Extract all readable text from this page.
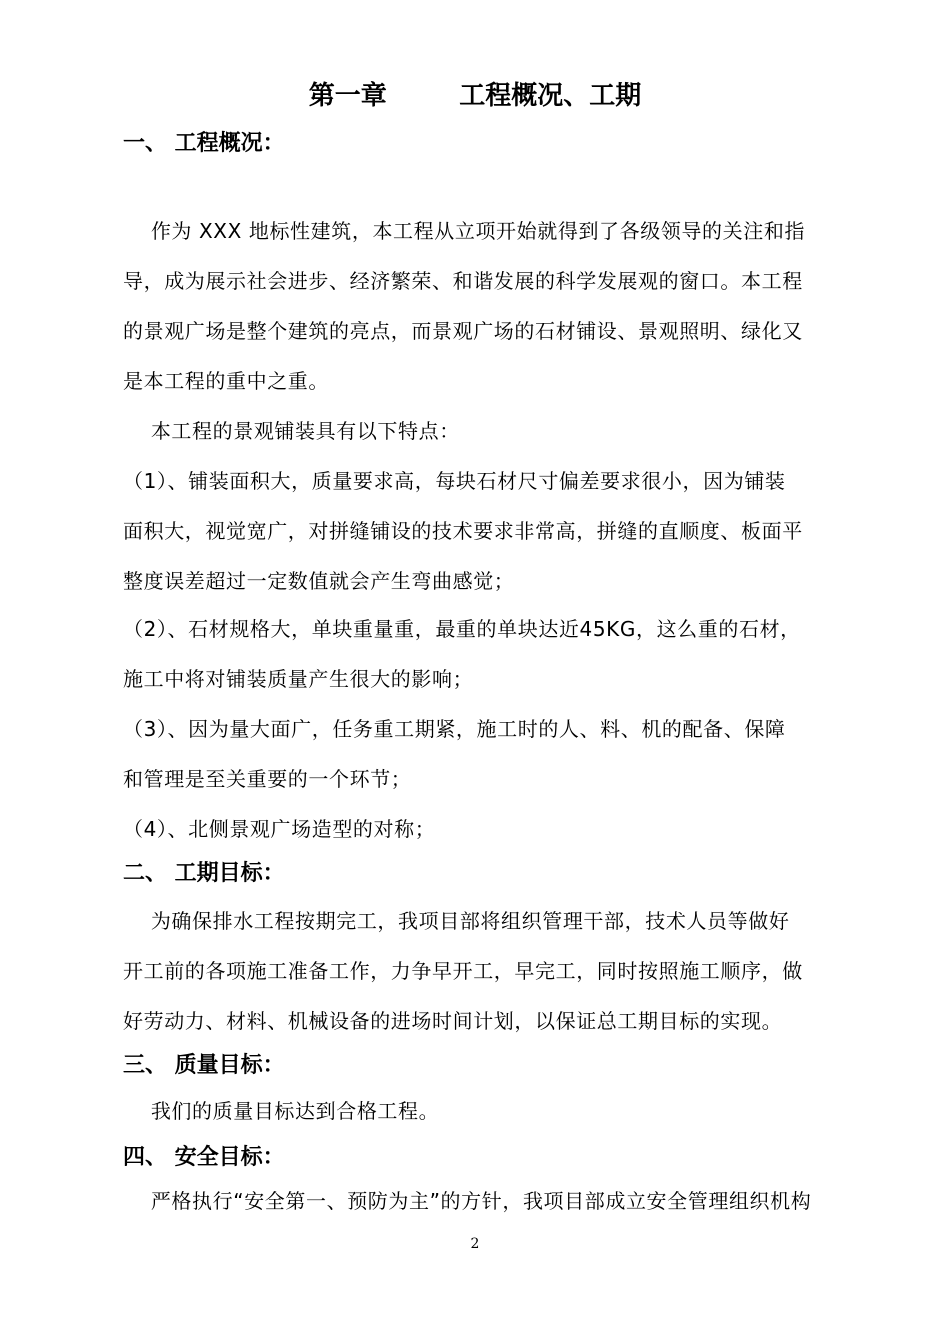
第一章        工程概况、工期
一、 工程概况：
作为 XXX 地标性建筑，本工程从立项开始就得到了各级领导的关注和指
导，成为展示社会进步、经济繁荣、和谐发展的科学发展观的窗口。本工程
的景观广场是整个建筑的亮点，而景观广场的石材铺设、景观照明、绿化又
是本工程的重中之重。
本工程的景观铺装具有以下特点：
（1）、铺装面积大，质量要求高，每块石材尺寸偏差要求很小，因为铺装
面积大，视觉宽广，对拼缝铺设的技术要求非常高，拼缝的直顺度、板面平
整度误差超过一定数值就会产生弯曲感觉；
（2）、石材规格大，单块重量重，最重的单块达近45KG，这么重的石材，
施工中将对铺装质量产生很大的影响；
（3）、因为量大面广，任务重工期紧，施工时的人、料、机的配备、保障
和管理是至关重要的一个环节；
（4）、北侧景观广场造型的对称；
二、 工期目标：
为确保排水工程按期完工，我项目部将组织管理干部，技术人员等做好
开工前的各项施工准备工作，力争早开工，早完工，同时按照施工顺序，做
好劳动力、材料、机械设备的进场时间计划，以保证总工期目标的实现。
三、 质量目标：
我们的质量目标达到合格工程。
四、 安全目标：
严格执行“安全第一、预防为主”的方针，我项目部成立安全管理组织机构
2
